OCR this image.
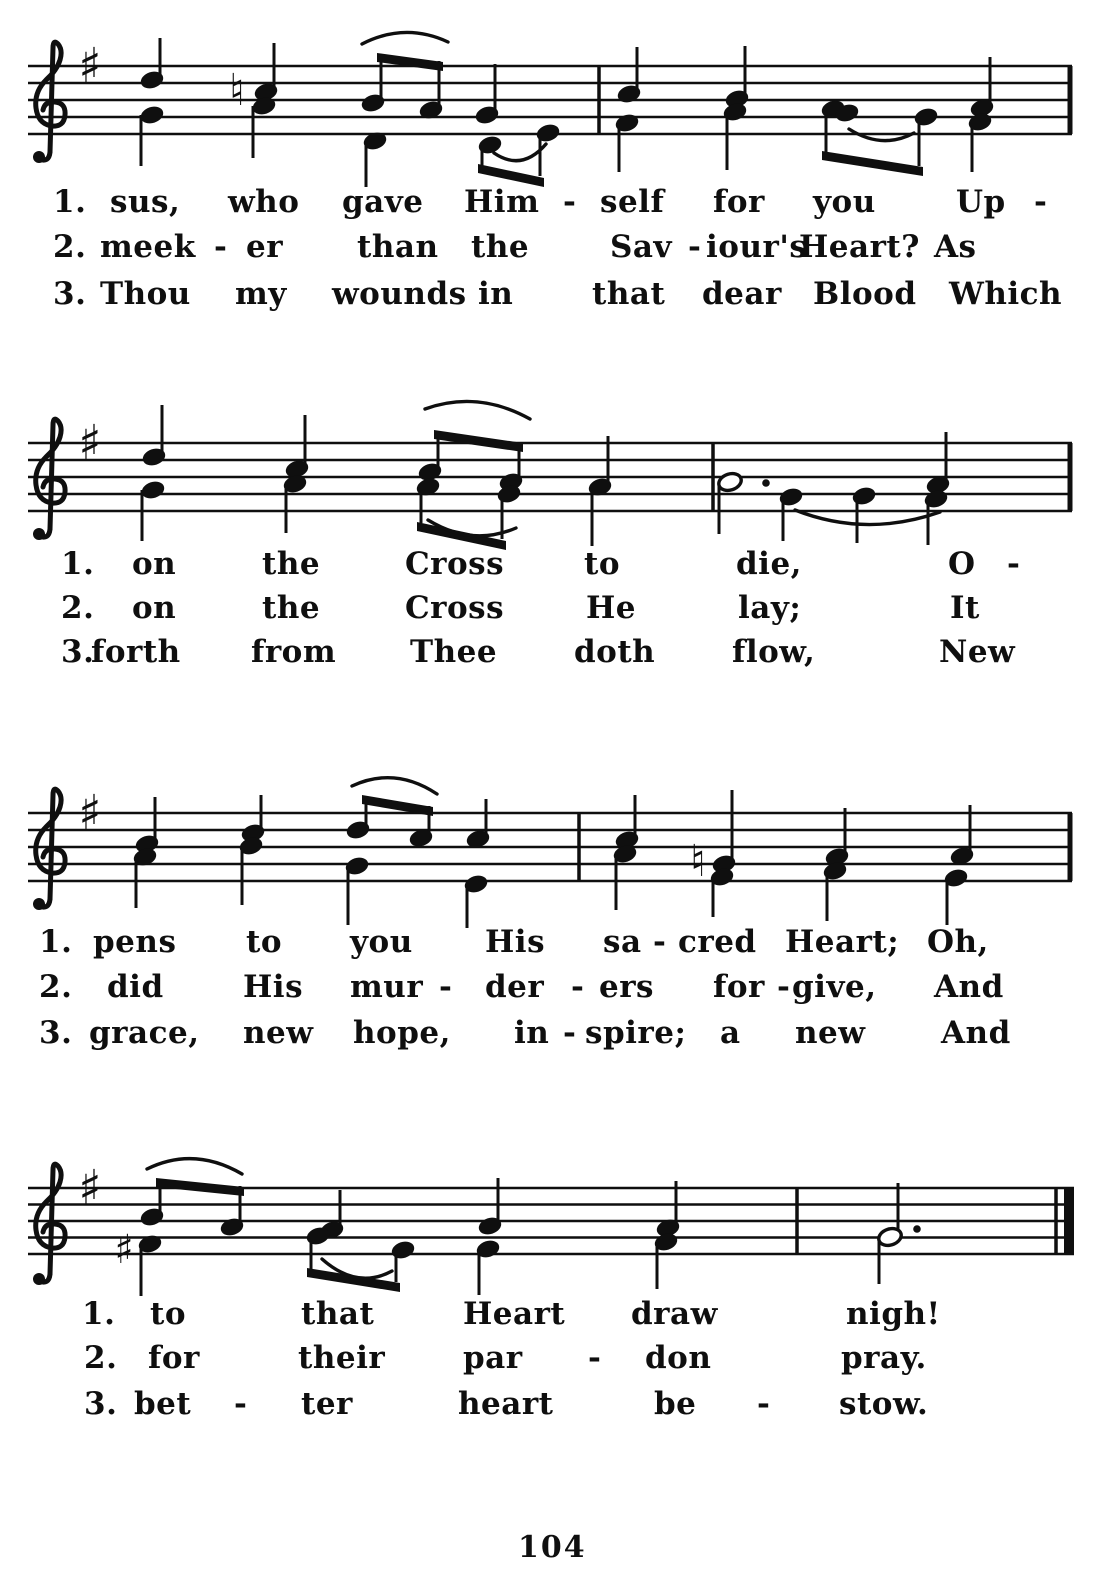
♯	♮
♯
♯
♮
♯
♯
1. sus, who gave Him - self for you	Up -
2. meek - er than the	Sav - iour's
Heart? As
3. Thou my wounds in	that dear Blood Which
1. on	the	Cross	to	die,	O -
2. on	the	Cross	He	lay;	It
3.
forth from Thee doth flow,	New
1. pens to you His sa - cred Heart; Oh,
2. did	His mur - der - ers for - give, And
3. grace, new hope, in - spire; a new And
1. to	that	Heart draw	nigh!
2. for	their	par - don	pray.
3. bet - ter	heart	be - stow.
104
